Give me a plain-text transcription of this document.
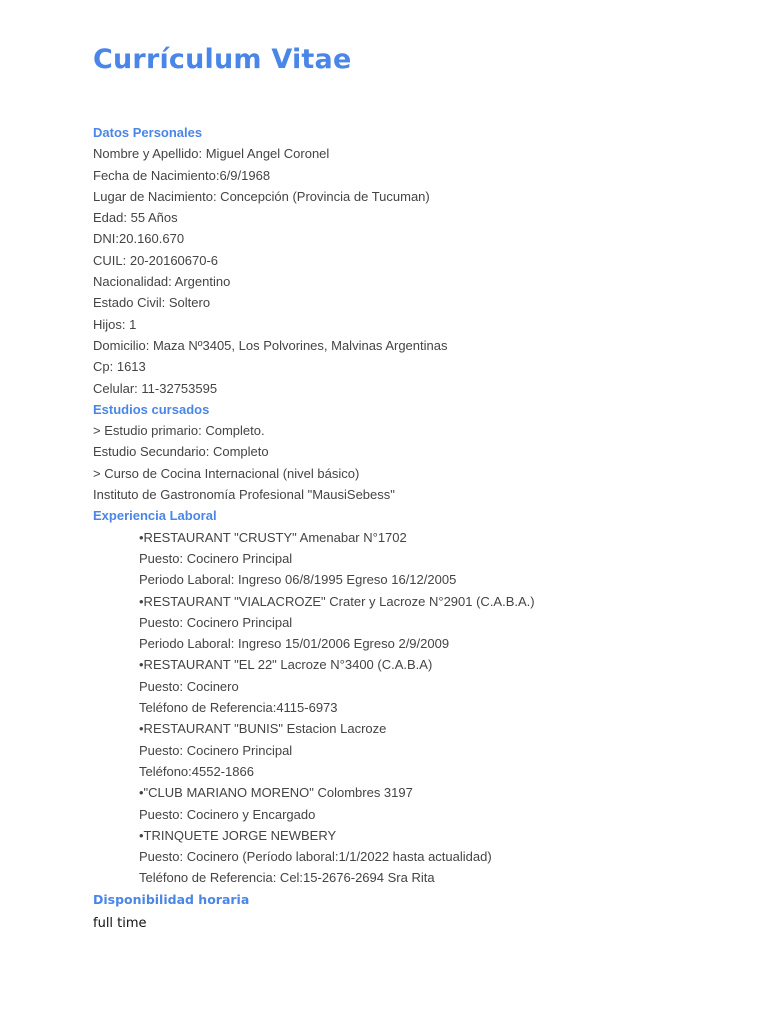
Currículum Vitae
Datos Personales
Nombre y Apellido: Miguel Angel Coronel
Fecha de Nacimiento:6/9/1968
Lugar de Nacimiento: Concepción (Provincia de Tucuman)
Edad: 55 Años
DNI:20.160.670
CUIL: 20-20160670-6
Nacionalidad: Argentino
Estado Civil: Soltero
Hijos: 1
Domicilio: Maza Nº3405, Los Polvorines, Malvinas Argentinas
Cp: 1613
Celular: 11-32753595
Estudios cursados
> Estudio primario: Completo.
Estudio Secundario: Completo
> Curso de Cocina Internacional (nivel básico)
Instituto de Gastronomía Profesional "MausiSebess"
Experiencia Laboral
•RESTAURANT "CRUSTY" Amenabar N°1702
Puesto: Cocinero Principal
Periodo Laboral: Ingreso 06/8/1995 Egreso 16/12/2005
•RESTAURANT "VIALACROZE" Crater y Lacroze N°2901 (C.A.B.A.)
Puesto: Cocinero Principal
Periodo Laboral: Ingreso 15/01/2006 Egreso 2/9/2009
•RESTAURANT "EL 22" Lacroze N°3400 (C.A.B.A)
Puesto: Cocinero
Teléfono de Referencia:4115-6973
•RESTAURANT "BUNIS" Estacion Lacroze
Puesto: Cocinero Principal
Teléfono:4552-1866
•"CLUB MARIANO MORENO" Colombres 3197
Puesto: Cocinero y Encargado
•TRINQUETE JORGE NEWBERY
Puesto: Cocinero (Período laboral:1/1/2022 hasta actualidad)
Teléfono de Referencia: Cel:15-2676-2694 Sra Rita
Disponibilidad horaria
full time
